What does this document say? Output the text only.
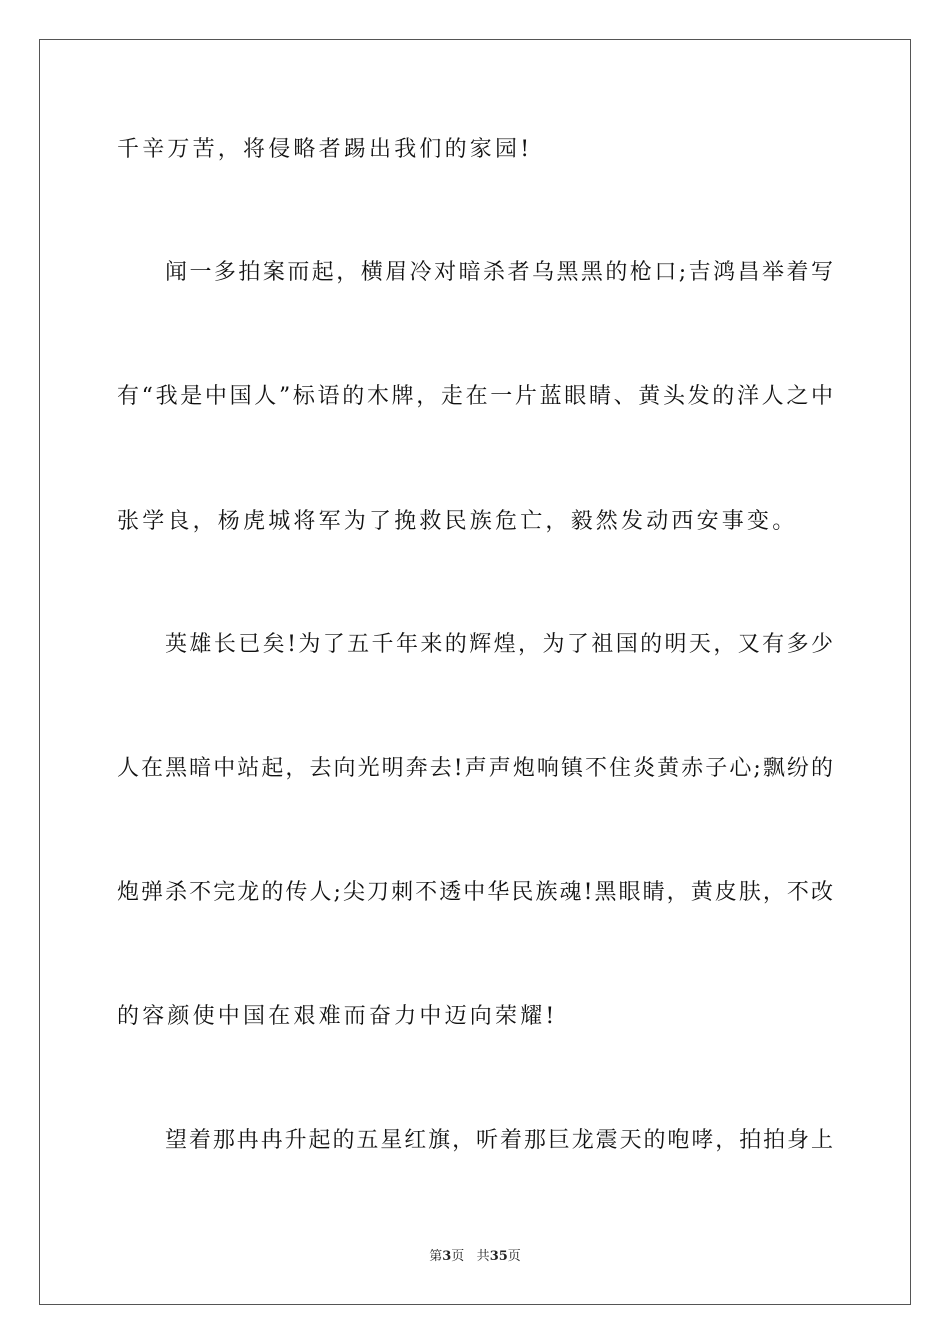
千辛万苦，将侵略者踢出我们的家园!
闻一多拍案而起，横眉冷对暗杀者乌黑黑的枪口;吉鸿昌举着写
有“我是中国人”标语的木牌，走在一片蓝眼睛、黄头发的洋人之中
张学良，杨虎城将军为了挽救民族危亡，毅然发动西安事变。
英雄长已矣!为了五千年来的辉煌，为了祖国的明天，又有多少
人在黑暗中站起，去向光明奔去!声声炮响镇不住炎黄赤子心;飘纷的
炮弹杀不完龙的传人;尖刀刺不透中华民族魂!黑眼睛，黄皮肤，不改
的容颜使中国在艰难而奋力中迈向荣耀!
望着那冉冉升起的五星红旗，听着那巨龙震天的咆哮，拍拍身上
第3页 共35页
